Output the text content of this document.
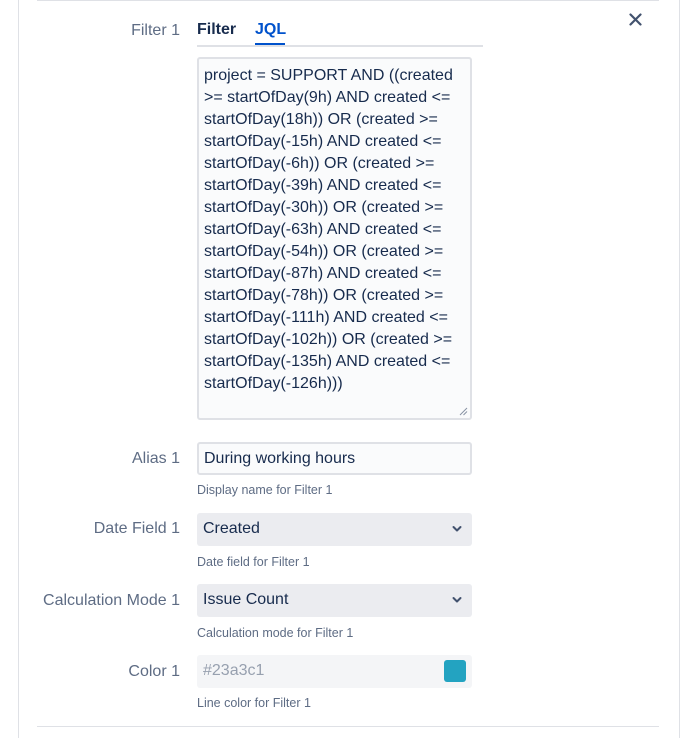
Filter 1 Filter JQL
project = SUPPORT AND ((created >= startOfDay(9h) AND created <= startOfDay(18h)) OR (created >= startOfDay(-15h) AND created <= startOfDay(-6h)) OR (created >= startOfDay(-39h) AND created <= startOfDay(-30h)) OR (created >= startOfDay(-63h) AND created <= startOfDay(-54h)) OR (created >= startOfDay(-87h) AND created <= startOfDay(-78h)) OR (created >= startOfDay(-111h) AND created <= startOfDay(-102h)) OR (created >= startOfDay(-135h) AND created <= startOfDay(-126h)))
Alias 1	During working hours
Display name for Filter 1
Date Field 1	Created
Date field for Filter 1
Calculation Mode 1	Issue Count
Calculation mode for Filter 1
Color 1	#23a3c1
Line color for Filter 1
